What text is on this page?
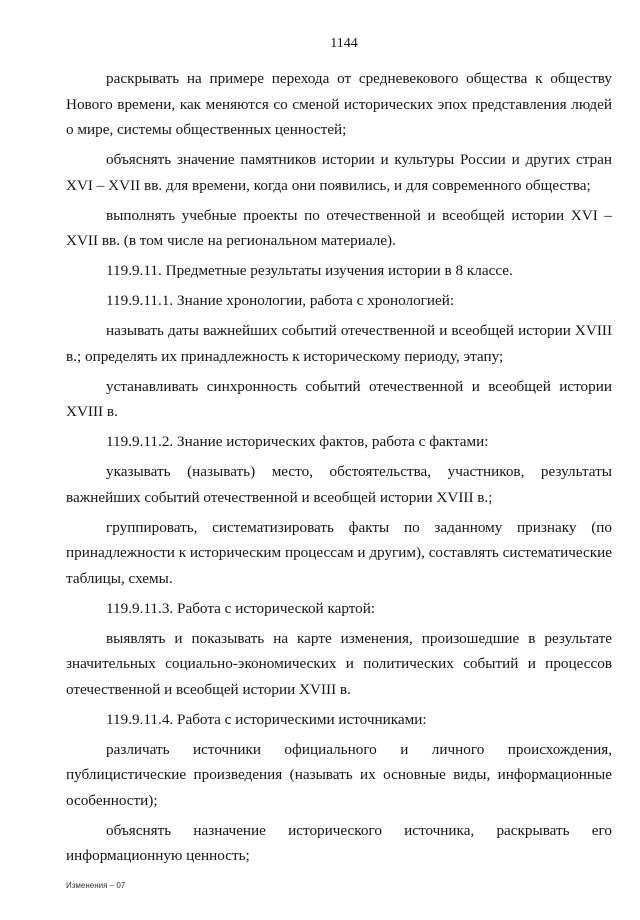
1144

раскрывать на примере перехода от средневекового общества к обществу Нового времени, как меняются со сменой исторических эпох представления людей о мире, системы общественных ценностей;

объяснять значение памятников истории и культуры России и других стран XVI – XVII вв. для времени, когда они появились, и для современного общества;

выполнять учебные проекты по отечественной и всеобщей истории XVI – XVII вв. (в том числе на региональном материале).

119.9.11. Предметные результаты изучения истории в 8 классе.

119.9.11.1. Знание хронологии, работа с хронологией:

называть даты важнейших событий отечественной и всеобщей истории XVIII в.; определять их принадлежность к историческому периоду, этапу;

устанавливать синхронность событий отечественной и всеобщей истории XVIII в.

119.9.11.2. Знание исторических фактов, работа с фактами:

указывать (называть) место, обстоятельства, участников, результаты важнейших событий отечественной и всеобщей истории XVIII в.;

группировать, систематизировать факты по заданному признаку (по принадлежности к историческим процессам и другим), составлять систематические таблицы, схемы.

119.9.11.3. Работа с исторической картой:

выявлять и показывать на карте изменения, произошедшие в результате значительных социально-экономических и политических событий и процессов отечественной и всеобщей истории XVIII в.

119.9.11.4. Работа с историческими источниками:

различать источники официального и личного происхождения, публицистические произведения (называть их основные виды, информационные особенности);

объяснять назначение исторического источника, раскрывать его информационную ценность;

Изменения – 07
